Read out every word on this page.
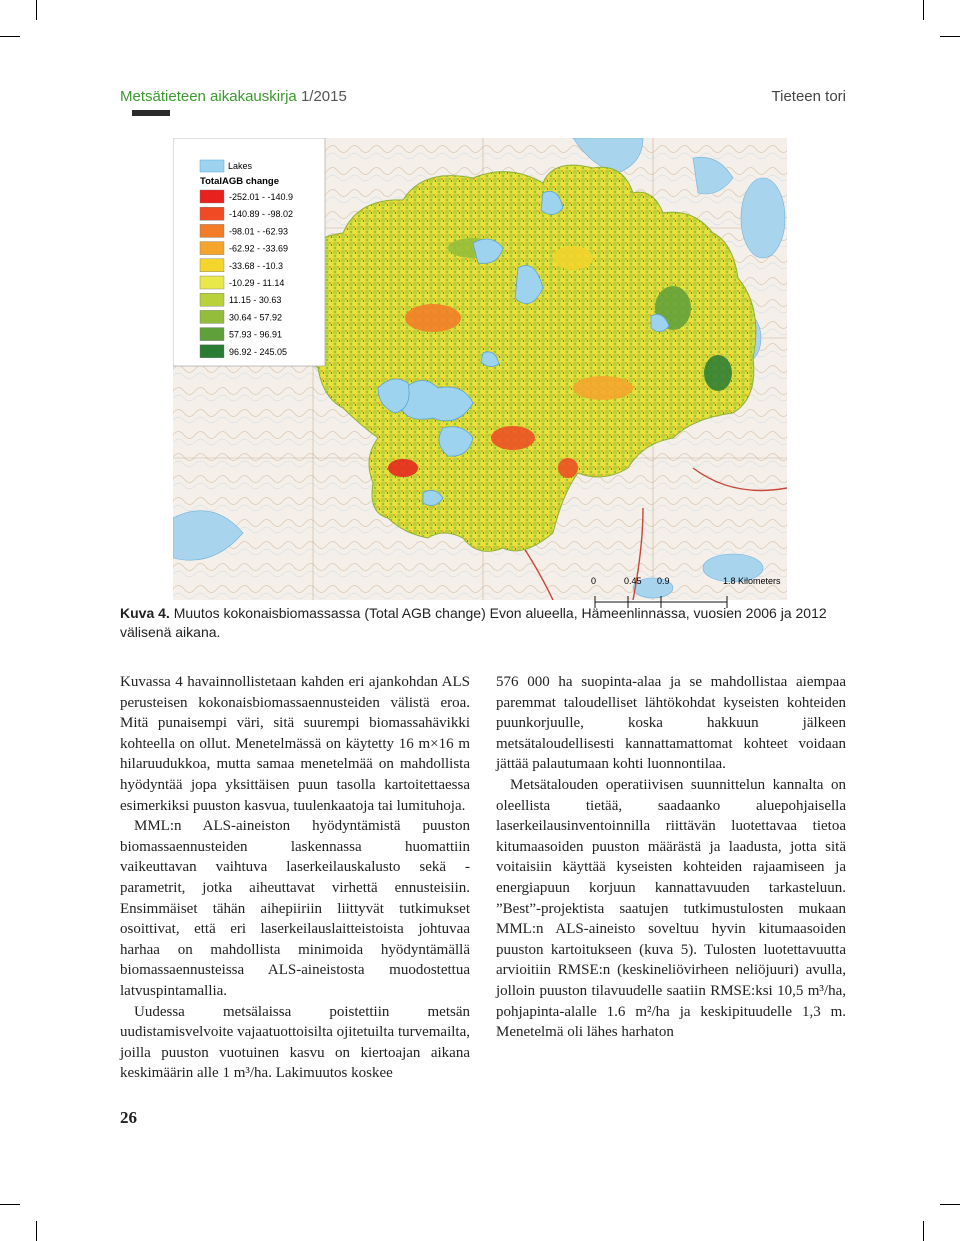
Metsätieteen aikakauskirja 1/2015	Tieteen tori
Lakes
TotalAGB change
-252.01 - -140.9
-140.89 - -98.02
-98.01 - -62.93
-62.92 - -33.69
-33.68 - -10.3
-10.29 - 11.14
11.15 - 30.63
30.64 - 57.92
57.93 - 96.91
96.92 - 245.05
0	0.45 0.9	1.8 Kilometers
Kuva 4. Muutos kokonaisbiomassassa (Total AGB change) Evon alueella, Hämeenlinnassa, vuosien 2006 ja 2012 välisenä aikana.

Kuvassa 4 havainnollistetaan kahden eri ajankohdan ALS perusteisen kokonaisbiomassaennusteiden välistä eroa. Mitä punaisempi väri, sitä suurempi biomassahävikki kohteella on ollut. Menetelmässä on käytetty 16 m×16 m hilaruudukkoa, mutta samaa menetelmää on mahdollista hyödyntää jopa yksittäisen puun tasolla kartoitettaessa esimerkiksi puuston kasvua, tuulenkaatoja tai lumituhoja.

MML:n ALS-aineiston hyödyntämistä puuston biomassaennusteiden laskennassa huomattiin vaikeuttavan vaihtuva laserkeilauskalusto sekä -parametrit, jotka aiheuttavat virhettä ennusteisiin. Ensimmäiset tähän aihepiiriin liittyvät tutkimukset osoittivat, että eri laserkeilauslaitteistoista johtuvaa harhaa on mahdollista minimoida hyödyntämällä biomassaennusteissa ALS-aineistosta muodostettua latvuspintamallia.

Uudessa metsälaissa poistettiin metsän uudistamisvelvoite vajaatuottoisilta ojitetuilta turvemailta, joilla puuston vuotuinen kasvu on kiertoajan aikana keskimäärin alle 1 m³/ha. Lakimuutos koskee

576 000 ha suopinta-alaa ja se mahdollistaa aiempaa paremmat taloudelliset lähtökohdat kyseisten kohteiden puunkorjuulle, koska hakkuun jälkeen metsätaloudellisesti kannattamattomat kohteet voidaan jättää palautumaan kohti luonnontilaa.

Metsätalouden operatiivisen suunnittelun kannalta on oleellista tietää, saadaanko aluepohjaisella laserkeilausinventoinnilla riittävän luotettavaa tietoa kitumaasoiden puuston määrästä ja laadusta, jotta sitä voitaisiin käyttää kyseisten kohteiden rajaamiseen ja energiapuun korjuun kannattavuuden tarkasteluun. ”Best”-projektista saatujen tutkimustulosten mukaan MML:n ALS-aineisto soveltuu hyvin kitumaasoiden puuston kartoitukseen (kuva 5). Tulosten luotettavuutta arvioitiin RMSE:n (keskineliövirheen neliöjuuri) avulla, jolloin puuston tilavuudelle saatiin RMSE:ksi 10,5 m³/ha, pohjapinta-alalle 1.6 m²/ha ja keskipituudelle 1,3 m. Menetelmä oli lähes harhaton

26
